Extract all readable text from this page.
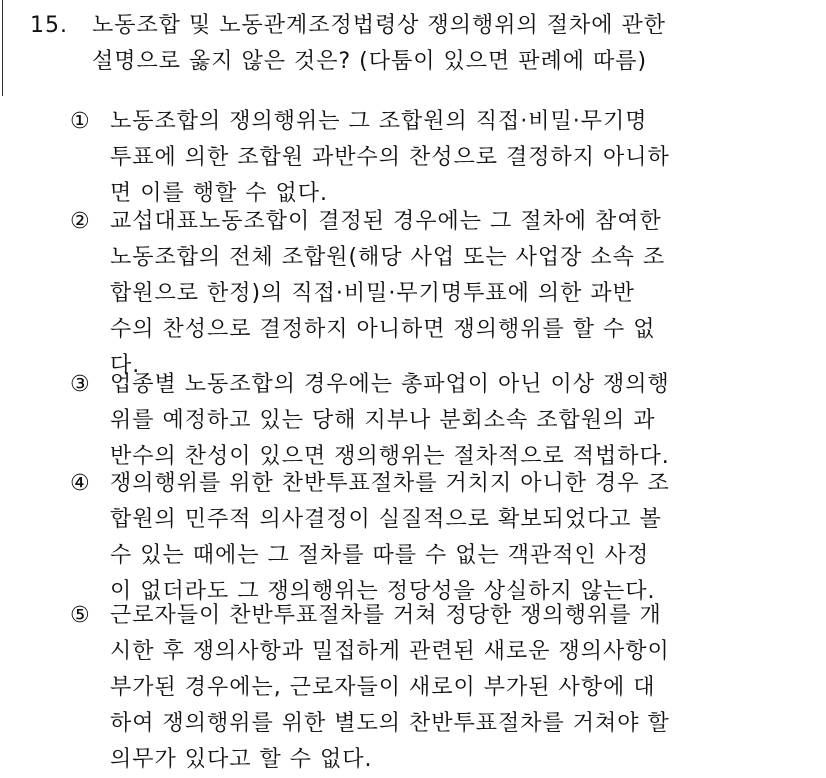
15. 노동조합 및 노동관계조정법령상 쟁의행위의 절차에 관한
설명으로 옳지 않은 것은? (다툼이 있으면 판례에 따름)
① 노동조합의 쟁의행위는 그 조합원의 직접·비밀·무기명
투표에 의한 조합원 과반수의 찬성으로 결정하지 아니하
면 이를 행할 수 없다.
② 교섭대표노동조합이 결정된 경우에는 그 절차에 참여한
노동조합의 전체 조합원(해당 사업 또는 사업장 소속 조
합원으로 한정)의 직접·비밀·무기명투표에 의한 과반
수의 찬성으로 결정하지 아니하면 쟁의행위를 할 수 없
다.
③ 업종별 노동조합의 경우에는 총파업이 아닌 이상 쟁의행
위를 예정하고 있는 당해 지부나 분회소속 조합원의 과
반수의 찬성이 있으면 쟁의행위는 절차적으로 적법하다.
④ 쟁의행위를 위한 찬반투표절차를 거치지 아니한 경우 조
합원의 민주적 의사결정이 실질적으로 확보되었다고 볼
수 있는 때에는 그 절차를 따를 수 없는 객관적인 사정
이 없더라도 그 쟁의행위는 정당성을 상실하지 않는다.
⑤ 근로자들이 찬반투표절차를 거쳐 정당한 쟁의행위를 개
시한 후 쟁의사항과 밀접하게 관련된 새로운 쟁의사항이
부가된 경우에는, 근로자들이 새로이 부가된 사항에 대
하여 쟁의행위를 위한 별도의 찬반투표절차를 거쳐야 할
의무가 있다고 할 수 없다.
